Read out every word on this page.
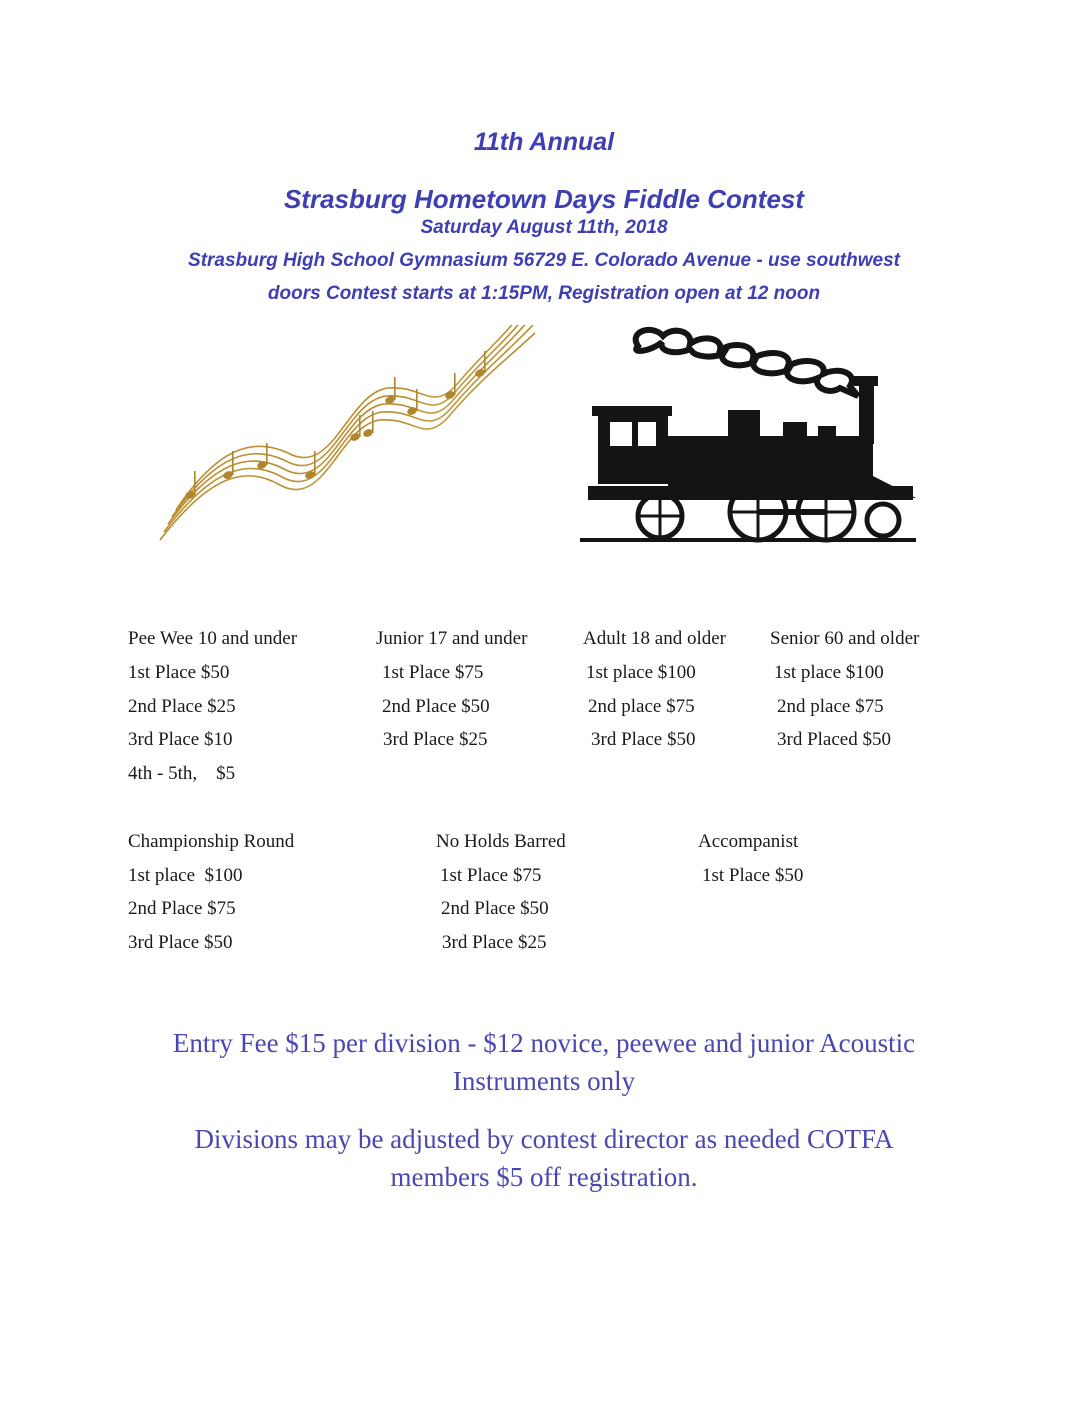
11th Annual

Strasburg Hometown Days Fiddle Contest

Saturday August 11th, 2018

Strasburg High School Gymnasium 56729 E. Colorado Avenue - use southwest

doors Contest starts at 1:15PM, Registration open at 12 noon

Pee Wee 10 and under

1st Place $50

2nd Place $25

3rd Place $10

4th - 5th,    $5

Junior 17 and under

1st Place $75

2nd Place $50

3rd Place $25

Adult 18 and older

1st place $100

2nd place $75

3rd Place $50

Senior 60 and older

1st place $100

2nd place $75

3rd Placed $50

Championship Round

1st place  $100

2nd Place $75

3rd Place $50

No Holds Barred

1st Place $75

2nd Place $50

3rd Place $25

Accompanist

1st Place $50

Entry Fee $15 per division - $12 novice, peewee and junior Acoustic

Instruments only

Divisions may be adjusted by contest director as needed COTFA

members $5 off registration.
